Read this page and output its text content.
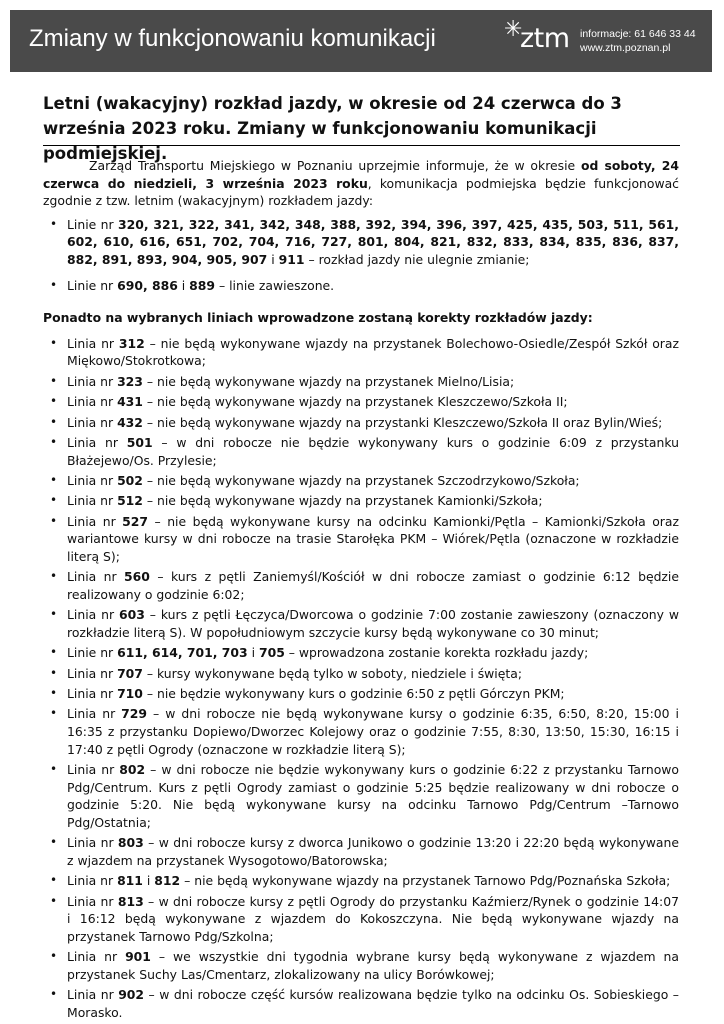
Zmiany w funkcjonowaniu komunikacji	✳
ztm informacje: 61 646 33 44
www.ztm.poznan.pl
Letni (wakacyjny) rozkład jazdy, w okresie od 24 czerwca do 3 września 2023 roku. Zmiany w funkcjonowaniu komunikacji podmiejskiej.

Zarząd Transportu Miejskiego w Poznaniu uprzejmie informuje, że w okresie od soboty, 24 czerwca do niedzieli, 3 września 2023 roku, komunikacja podmiejska będzie funkcjonować zgodnie z tzw. letnim (wakacyjnym) rozkładem jazdy:

• Linie nr 320, 321, 322, 341, 342, 348, 388, 392, 394, 396, 397, 425, 435, 503, 511, 561, 602, 610, 616, 651, 702, 704, 716, 727, 801, 804, 821, 832, 833, 834, 835, 836, 837, 882, 891, 893, 904, 905, 907 i 911 – rozkład jazdy nie ulegnie zmianie;
• Linie nr 690, 886 i 889 – linie zawieszone.
Ponadto na wybranych liniach wprowadzone zostaną korekty rozkładów jazdy:
• Linia nr 312 – nie będą wykonywane wjazdy na przystanek Bolechowo-Osiedle/Zespół Szkół oraz Miękowo/Stokrotkowa;
• Linia nr 323 – nie będą wykonywane wjazdy na przystanek Mielno/Lisia;
• Linia nr 431 – nie będą wykonywane wjazdy na przystanek Kleszczewo/Szkoła II;
• Linia nr 432 – nie będą wykonywane wjazdy na przystanki Kleszczewo/Szkoła II oraz Bylin/Wieś;
• Linia nr 501 – w dni robocze nie będzie wykonywany kurs o godzinie 6:09 z przystanku Błażejewo/Os. Przylesie;
• Linia nr 502 – nie będą wykonywane wjazdy na przystanek Szczodrzykowo/Szkoła;
• Linia nr 512 – nie będą wykonywane wjazdy na przystanek Kamionki/Szkoła;
• Linia nr 527 – nie będą wykonywane kursy na odcinku Kamionki/Pętla – Kamionki/Szkoła oraz wariantowe kursy w dni robocze na trasie Starołęka PKM – Wiórek/Pętla (oznaczone w rozkładzie literą S);
• Linia nr 560 – kurs z pętli Zaniemyśl/Kościół w dni robocze zamiast o godzinie 6:12 będzie realizowany o godzinie 6:02;
• Linia nr 603 – kurs z pętli Łęczyca/Dworcowa o godzinie 7:00 zostanie zawieszony (oznaczony w rozkładzie literą S). W popołudniowym szczycie kursy będą wykonywane co 30 minut;
• Linie nr 611, 614, 701, 703 i 705 – wprowadzona zostanie korekta rozkładu jazdy;
• Linia nr 707 – kursy wykonywane będą tylko w soboty, niedziele i święta;
• Linia nr 710 – nie będzie wykonywany kurs o godzinie 6:50 z pętli Górczyn PKM;
• Linia nr 729 – w dni robocze nie będą wykonywane kursy o godzinie 6:35, 6:50, 8:20, 15:00 i 16:35 z przystanku Dopiewo/Dworzec Kolejowy oraz o godzinie 7:55, 8:30, 13:50, 15:30, 16:15 i 17:40 z pętli Ogrody (oznaczone w rozkładzie literą S);
• Linia nr 802 – w dni robocze nie będzie wykonywany kurs o godzinie 6:22 z przystanku Tarnowo Pdg/Centrum. Kurs z pętli Ogrody zamiast o godzinie 5:25 będzie realizowany w dni robocze o godzinie 5:20. Nie będą wykonywane kursy na odcinku Tarnowo Pdg/Centrum –Tarnowo Pdg/Ostatnia;
• Linia nr 803 – w dni robocze kursy z dworca Junikowo o godzinie 13:20 i 22:20 będą wykonywane z wjazdem na przystanek Wysogotowo/Batorowska;
• Linia nr 811 i 812 – nie będą wykonywane wjazdy na przystanek Tarnowo Pdg/Poznańska Szkoła;
• Linia nr 813 – w dni robocze kursy z pętli Ogrody do przystanku Kaźmierz/Rynek o godzinie 14:07 i 16:12 będą wykonywane z wjazdem do Kokoszczyna. Nie będą wykonywane wjazdy na przystanek Tarnowo Pdg/Szkolna;
• Linia nr 901 – we wszystkie dni tygodnia wybrane kursy będą wykonywane z wjazdem na przystanek Suchy Las/Cmentarz, zlokalizowany na ulicy Borówkowej;
• Linia nr 902 – w dni robocze część kursów realizowana będzie tylko na odcinku Os. Sobieskiego – Morasko.
